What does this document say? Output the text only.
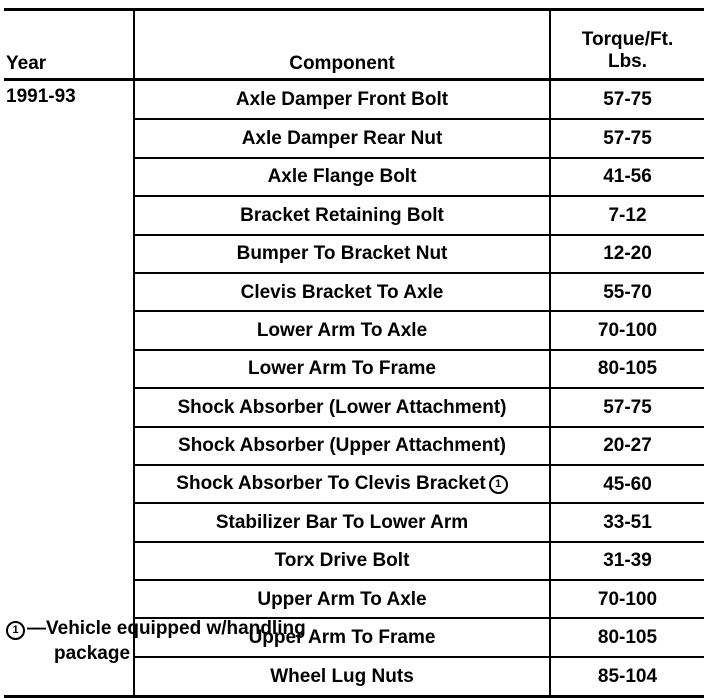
Year	Component	Torque/Ft.
Lbs.
1991-93	Axle Damper Front Bolt	57-75
	Axle Damper Rear Nut	57-75
	Axle Flange Bolt	41-56
	Bracket Retaining Bolt	7-12
	Bumper To Bracket Nut	12-20
	Clevis Bracket To Axle	55-70
	Lower Arm To Axle	70-100
	Lower Arm To Frame	80-105
	Shock Absorber (Lower Attachment)	57-75
	Shock Absorber (Upper Attachment)	20-27
	Shock Absorber To Clevis Bracket 1	45-60
	Stabilizer Bar To Lower Arm	33-51
	Torx Drive Bolt	31-39
	Upper Arm To Axle	70-100
	Upper Arm To Frame	80-105
	Wheel Lug Nuts	85-104
1 —Vehicle equipped w/handling
package
